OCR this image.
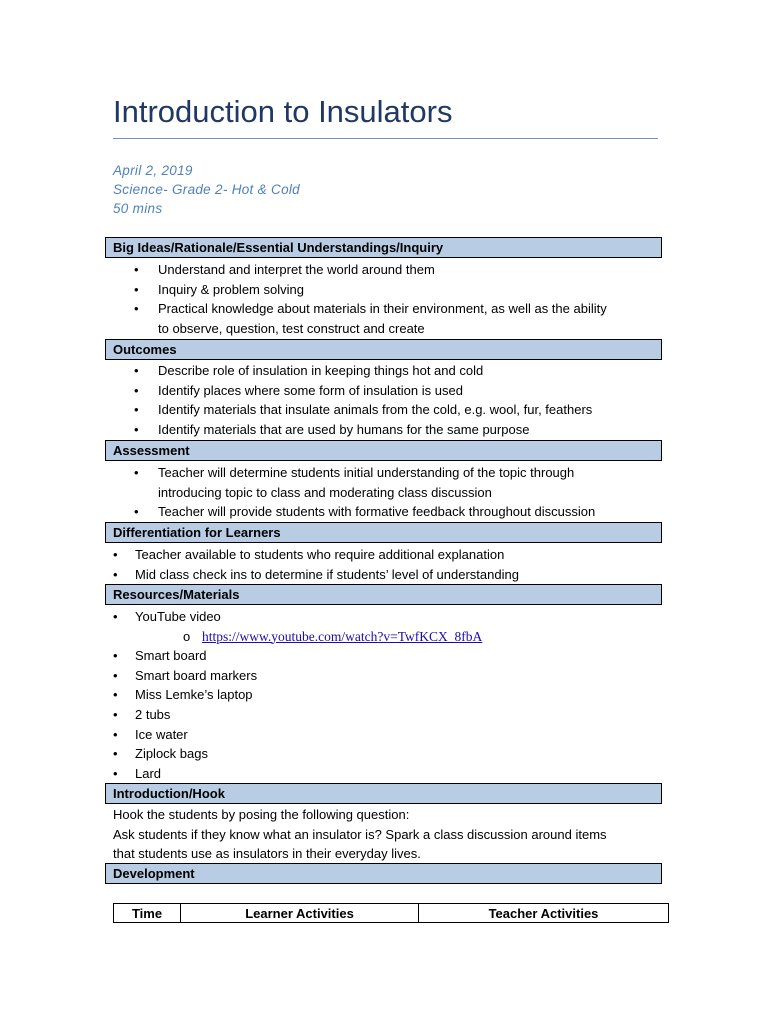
Introduction to Insulators
April 2, 2019
Science- Grade 2- Hot & Cold
50 mins
Big Ideas/Rationale/Essential Understandings/Inquiry
• Understand and interpret the world around them
• Inquiry & problem solving
• Practical knowledge about materials in their environment, as well as the ability
to observe, question, test construct and create
Outcomes
• Describe role of insulation in keeping things hot and cold
• Identify places where some form of insulation is used
• Identify materials that insulate animals from the cold, e.g. wool, fur, feathers
• Identify materials that are used by humans for the same purpose
Assessment
• Teacher will determine students initial understanding of the topic through
introducing topic to class and moderating class discussion
• Teacher will provide students with formative feedback throughout discussion
Differentiation for Learners
• Teacher available to students who require additional explanation
• Mid class check ins to determine if students’ level of understanding
Resources/Materials
• YouTube video
o https://www.youtube.com/watch?v=TwfKCX_8fbA
• Smart board
• Smart board markers
• Miss Lemke’s laptop
• 2 tubs
• Ice water
• Ziplock bags
• Lard
Introduction/Hook
Hook the students by posing the following question:
Ask students if they know what an insulator is? Spark a class discussion around items
that students use as insulators in their everyday lives.
Development
Time	Learner Activities	Teacher Activities
